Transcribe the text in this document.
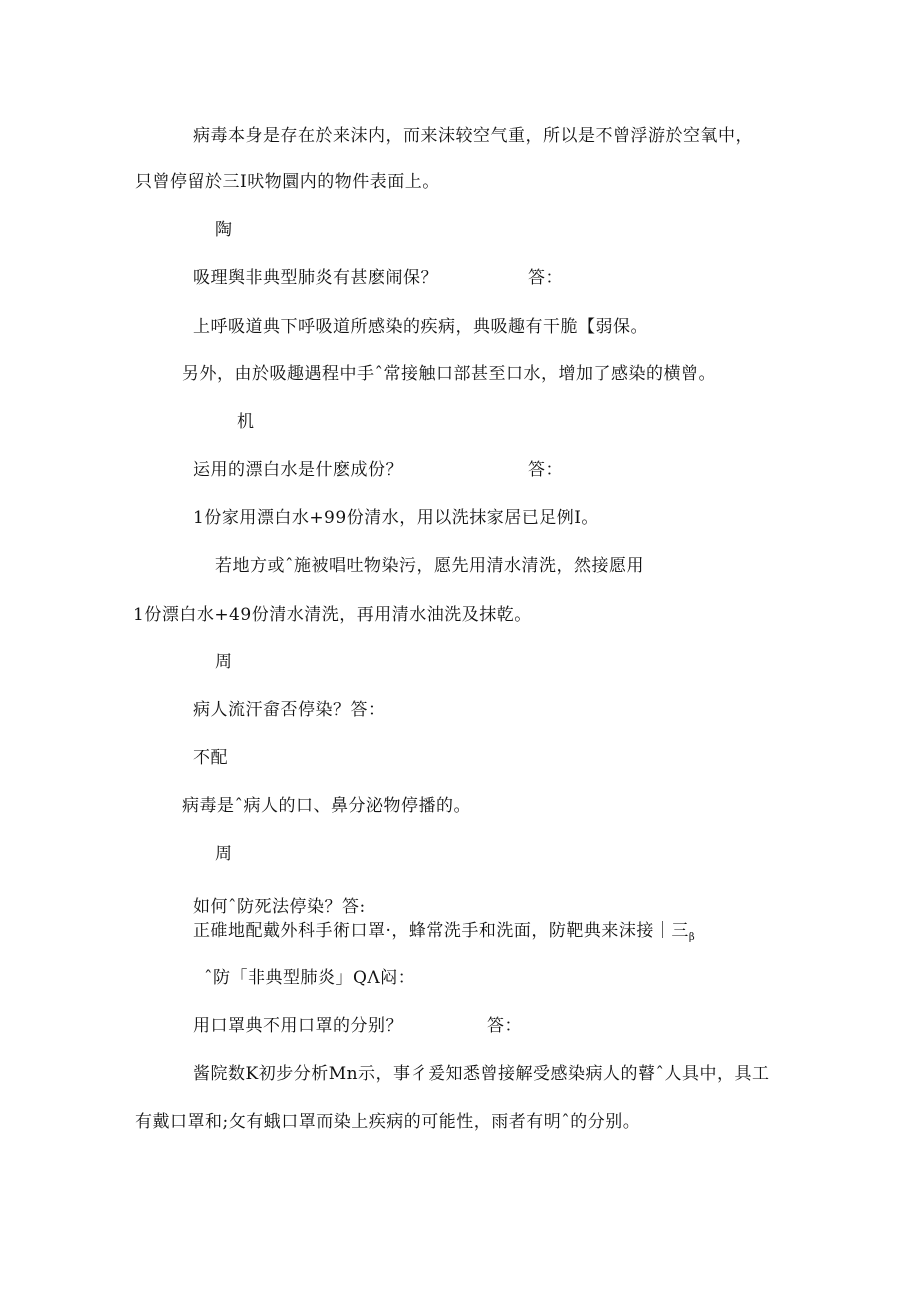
病毒本身是存在於来沫内，而来沫较空气重，所以是不曾浮游於空氧中，
只曾停留於三I吠物圜内的物件表面上。
陶
吸理舆非典型肺炎有甚麽闹保？	答：
上呼吸道典下呼吸道所感染的疾病，典吸趣有干脆【弱保。
另外，由於吸趣遇程中手ˆ常接触口部甚至口水，增加了感染的横曾。
机
运用的漂白水是什麽成份？	答：
1份家用漂白水+99份清水，用以洗抹家居已足例I。
若地方或ˆ施被唱吐物染污，愿先用清水清洗，然接愿用
1份漂白水+49份清水清洗，再用清水油洗及抹乾。
周
病人流汗畲否停染？答：
不配
病毒是ˆ病人的口、鼻分泌物停播的。
周
如何ˆ防死法停染？答:
正碓地配戴外科手術口罩·，蜂常洗手和洗面，防靶典来沫接｜三$_\beta$
ˆ防「非典型肺炎」QΛ闷：
用口罩典不用口罩的分别？	答：
酱院数K初步分析Mn示，事彳爰知悉曾接解受感染病人的瞽ˆ人具中，具工
有戴口罩和;攵有蛾口罩而染上疾病的可能性，雨者有明ˆ的分别。
